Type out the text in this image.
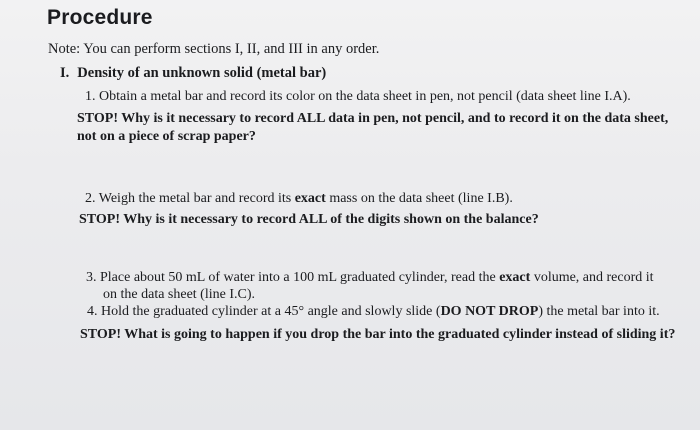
Procedure
Note: You can perform sections I, II, and III in any order.
I. Density of an unknown solid (metal bar)
1. Obtain a metal bar and record its color on the data sheet in pen, not pencil (data sheet line I.A).
STOP! Why is it necessary to record ALL data in pen, not pencil, and to record it on the data sheet,
not on a piece of scrap paper?
2. Weigh the metal bar and record its exact mass on the data sheet (line I.B).
STOP! Why is it necessary to record ALL of the digits shown on the balance?
3. Place about 50 mL of water into a 100 mL graduated cylinder, read the exact volume, and record it
on the data sheet (line I.C).
4. Hold the graduated cylinder at a 45° angle and slowly slide (DO NOT DROP) the metal bar into it.
STOP! What is going to happen if you drop the bar into the graduated cylinder instead of sliding it?
